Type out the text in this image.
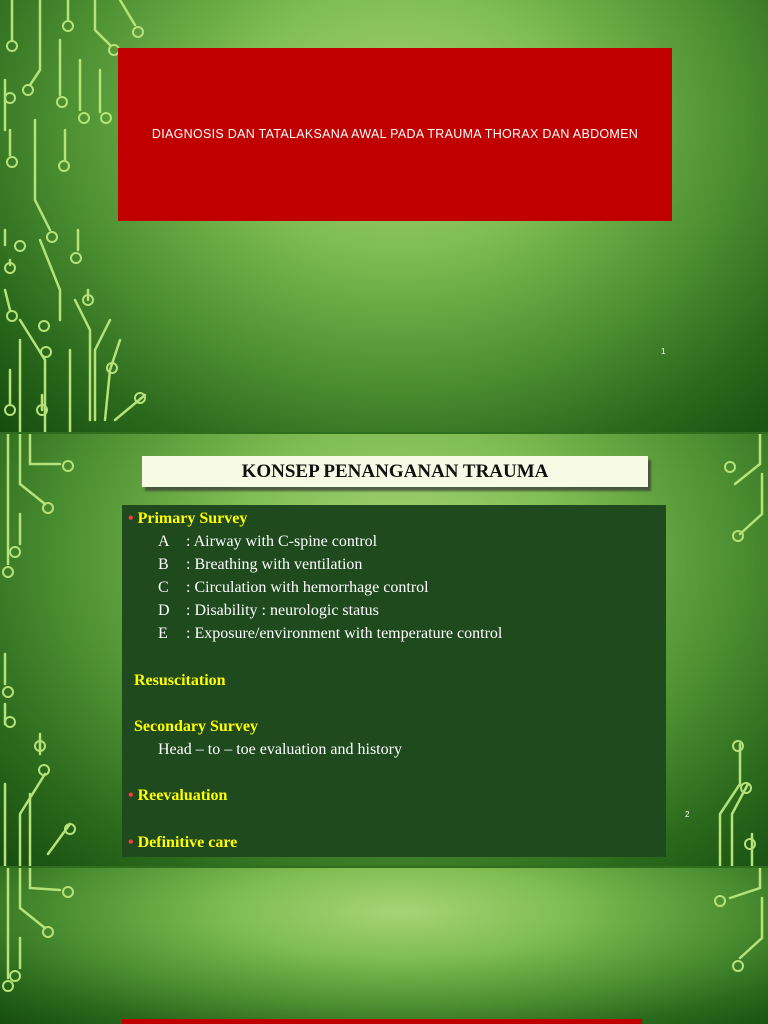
DIAGNOSIS DAN TATALAKSANA AWAL PADA TRAUMA THORAX DAN ABDOMEN
1
KONSEP PENANGANAN TRAUMA
• Primary Survey
A : Airway with C-spine control
B : Breathing with ventilation
C : Circulation with hemorrhage control
D : Disability : neurologic status
E : Exposure/environment with temperature control
Resuscitation
Secondary Survey
Head – to – toe evaluation and history
• Reevaluation
• Definitive care
2
